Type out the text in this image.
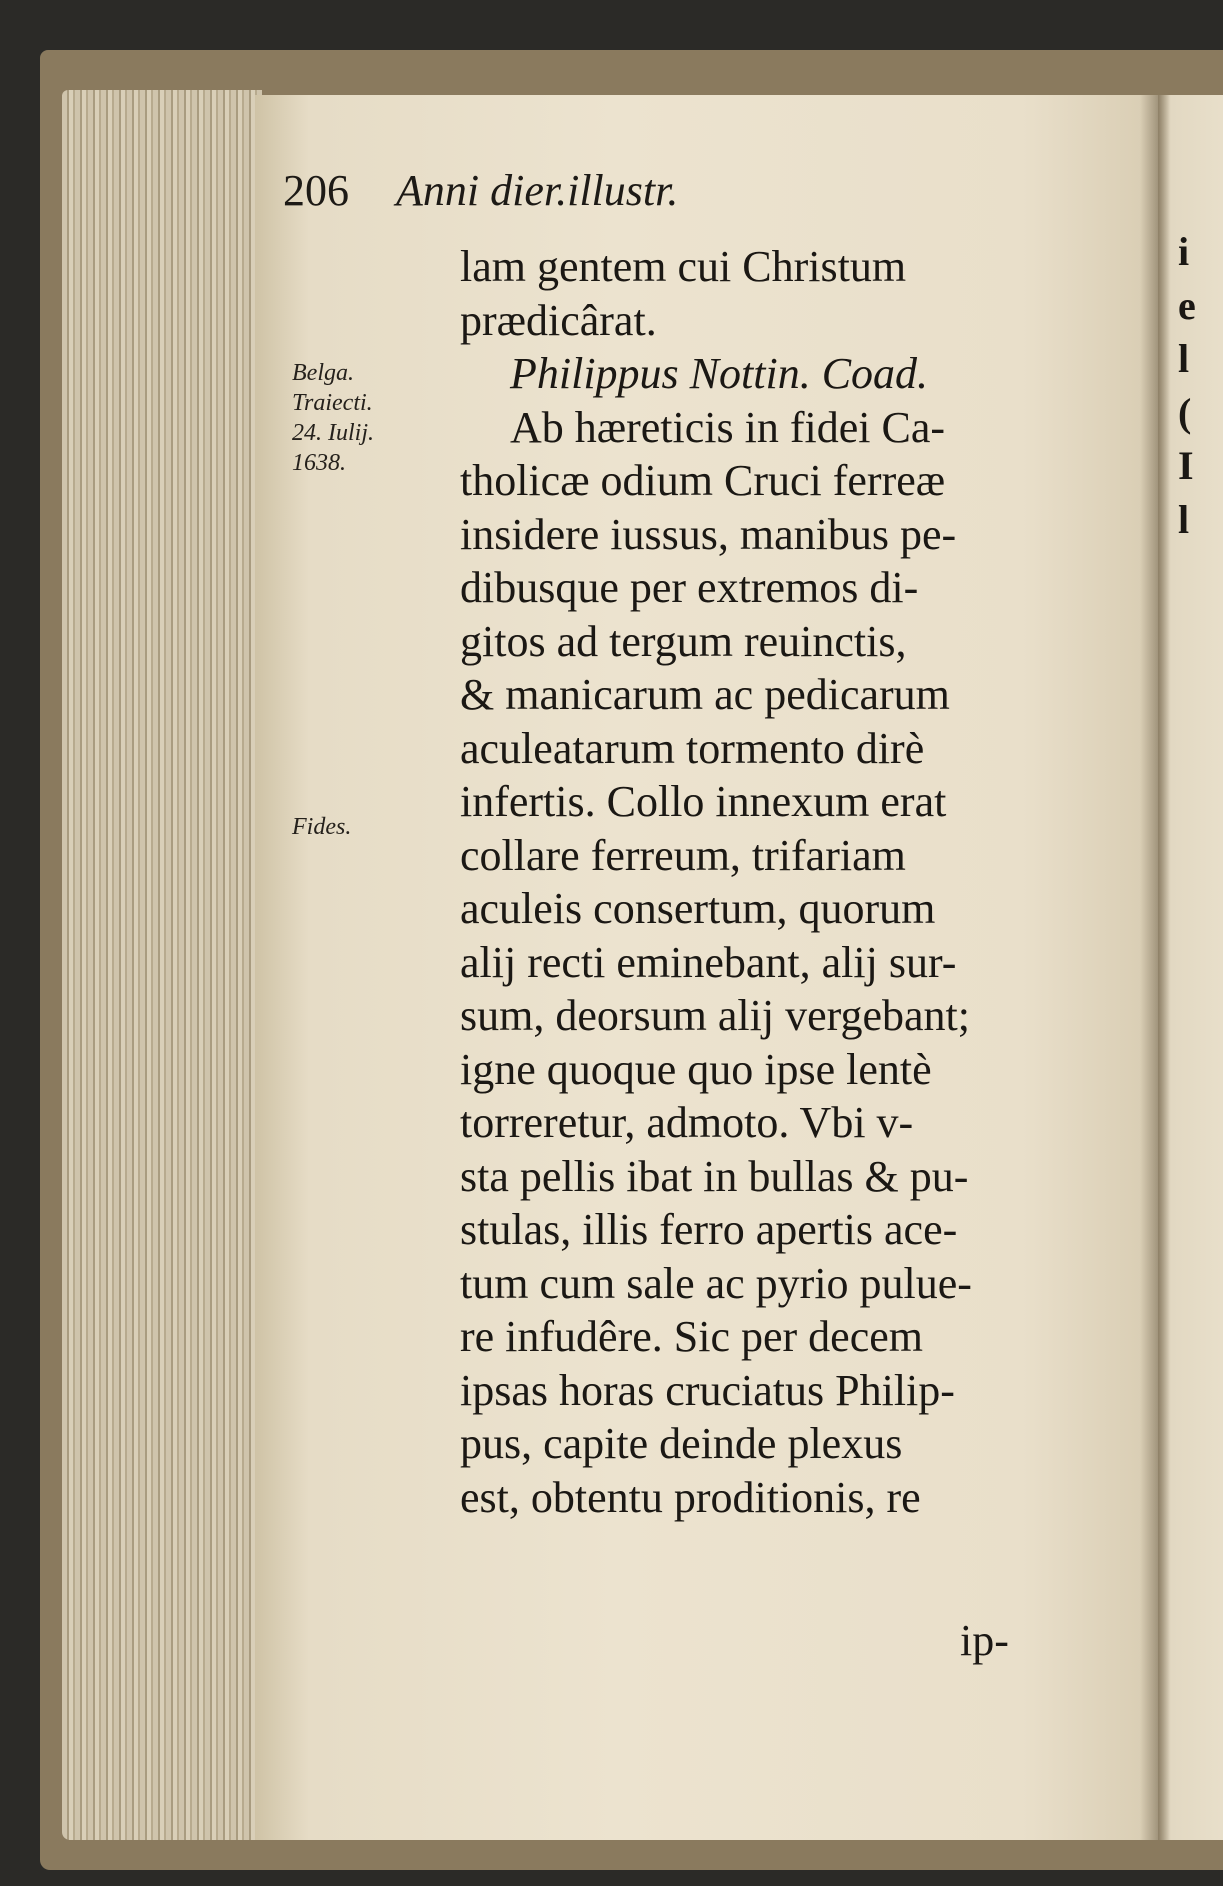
206 Anni dier.illustr.
Belga.
Traiecti.
24. Iulij.
1638.
Fides.
lam gentem cui Christum
prædicârat.
Philippus Nottin. Coad.
Ab hæreticis in fidei Ca-
tholicæ odium Cruci ferreæ
insidere iussus, manibus pe-
dibusque per extremos di-
gitos ad tergum reuinctis,
& manicarum ac pedicarum
aculeatarum tormento dirè
infertis. Collo innexum erat
collare ferreum, trifariam
aculeis consertum, quorum
alij recti eminebant, alij sur-
sum, deorsum alij vergebant;
igne quoque quo ipse lentè
torreretur, admoto. Vbi v-
sta pellis ibat in bullas & pu-
stulas, illis ferro apertis ace-
tum cum sale ac pyrio pulue-
re infudêre. Sic per decem
ipsas horas cruciatus Philip-
pus, capite deinde plexus
est, obtentu proditionis, re
ip-
i
e
l
(
I
l
